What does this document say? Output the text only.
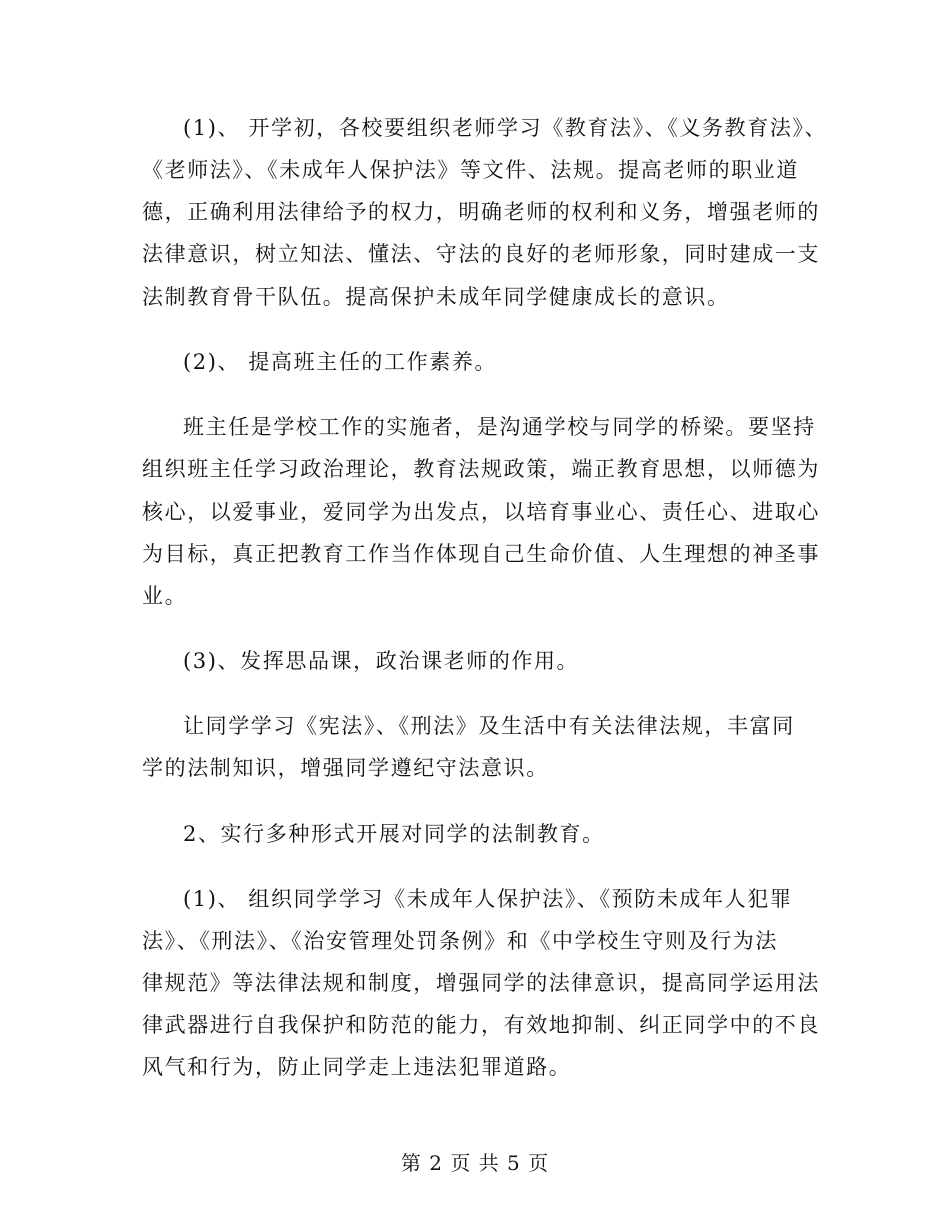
(1)、 开学初，各校要组织老师学习《教育法》、《义务教育法》、
《老师法》、《未成年人保护法》等文件、法规。提高老师的职业道
德，正确利用法律给予的权力，明确老师的权利和义务，增强老师的
法律意识，树立知法、懂法、守法的良好的老师形象，同时建成一支
法制教育骨干队伍。提高保护未成年同学健康成长的意识。
(2)、 提高班主任的工作素养。
班主任是学校工作的实施者，是沟通学校与同学的桥梁。要坚持
组织班主任学习政治理论，教育法规政策，端正教育思想，以师德为
核心，以爱事业，爱同学为出发点，以培育事业心、责任心、进取心
为目标，真正把教育工作当作体现自己生命价值、人生理想的神圣事
业。
(3)、发挥思品课，政治课老师的作用。
让同学学习《宪法》、《刑法》及生活中有关法律法规，丰富同
学的法制知识，增强同学遵纪守法意识。
2、实行多种形式开展对同学的法制教育。
(1)、 组织同学学习《未成年人保护法》、《预防未成年人犯罪
法》、《刑法》、《治安管理处罚条例》和《中学校生守则及行为法
律规范》等法律法规和制度，增强同学的法律意识，提高同学运用法
律武器进行自我保护和防范的能力，有效地抑制、纠正同学中的不良
风气和行为，防止同学走上违法犯罪道路。
第 2 页 共 5 页
